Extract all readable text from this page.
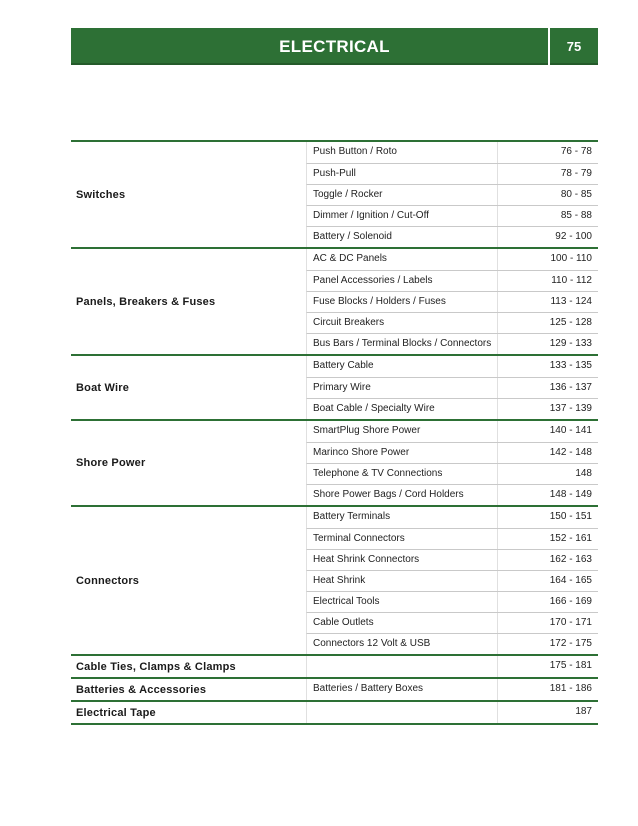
ELECTRICAL	75
Switches
Push Button / Roto	76 - 78
Push-Pull	78 - 79
Toggle / Rocker	80 - 85
Dimmer / Ignition / Cut-Off	85 - 88
Battery / Solenoid	92 - 100
Panels, Breakers & Fuses
AC & DC Panels	100 - 110
Panel Accessories / Labels	110 - 112
Fuse Blocks / Holders / Fuses	113 - 124
Circuit Breakers	125 - 128
Bus Bars / Terminal Blocks / Connectors	129 - 133
Boat Wire
Battery Cable	133 - 135
Primary Wire	136 - 137
Boat Cable / Specialty Wire	137 - 139
Shore Power
SmartPlug Shore Power	140 - 141
Marinco Shore Power	142 - 148
Telephone & TV Connections	148
Shore Power Bags / Cord Holders	148 - 149
Connectors
Battery Terminals	150 - 151
Terminal Connectors	152 - 161
Heat Shrink Connectors	162 - 163
Heat Shrink	164 - 165
Electrical Tools	166 - 169
Cable Outlets	170 - 171
Connectors 12 Volt & USB	172 - 175
Cable Ties, Clamps & Clamps	175 - 181
Batteries & Accessories	Batteries / Battery Boxes	181 - 186
Electrical Tape	187
